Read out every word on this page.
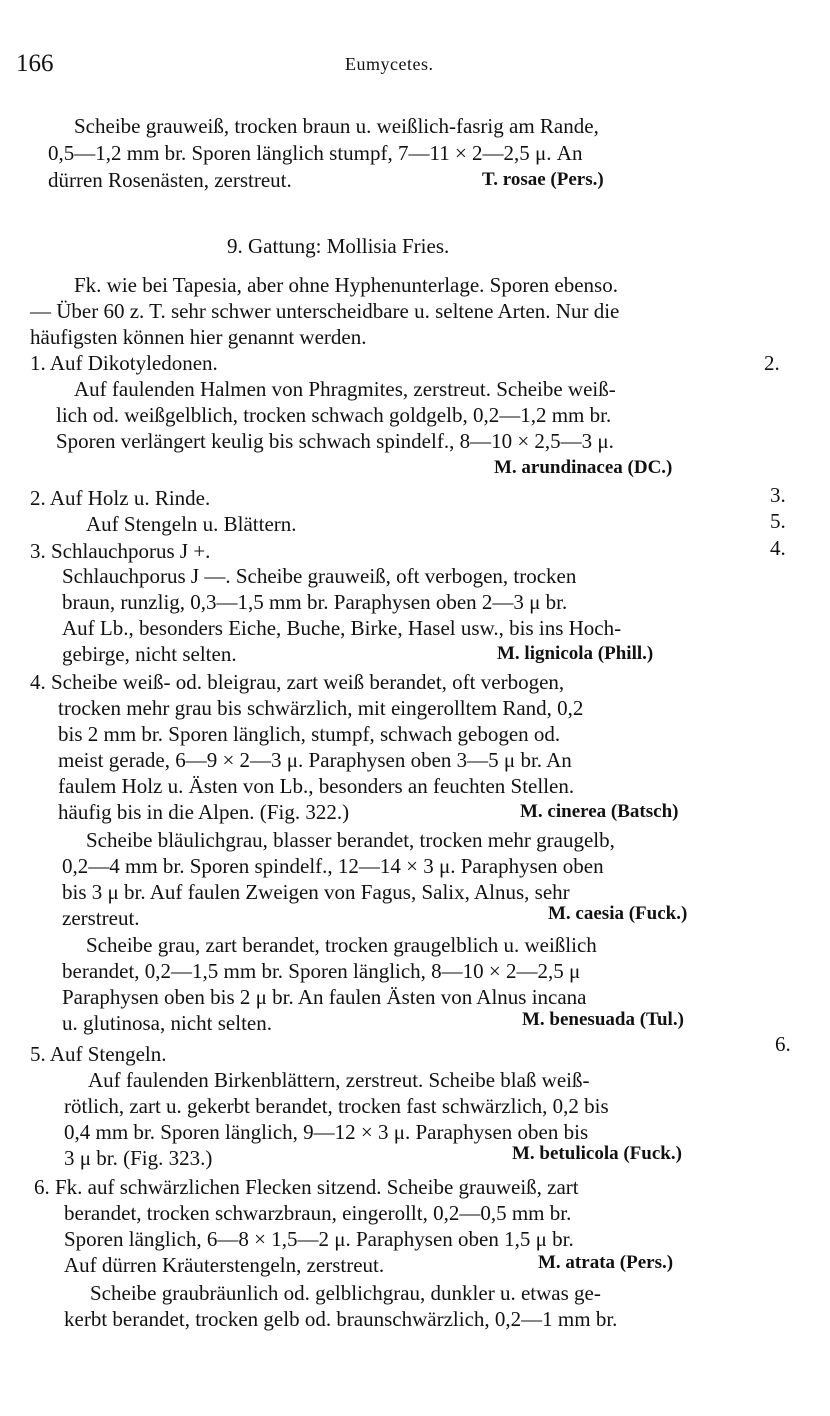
166	Eumycetes.
Scheibe grauweiß, trocken braun u. weißlich-fasrig am Rande,
0,5—1,2 mm br. Sporen länglich stumpf, 7—11 × 2—2,5 μ. An
dürren Rosenästen, zerstreut.	T. rosae (Pers.)
9. Gattung: Mollisia Fries.
Fk. wie bei Tapesia, aber ohne Hyphenunterlage. Sporen ebenso.
— Über 60 z. T. sehr schwer unterscheidbare u. seltene Arten. Nur die
häufigsten können hier genannt werden.
1. Auf Dikotyledonen.	2.
Auf faulenden Halmen von Phragmites, zerstreut. Scheibe weiß-
lich od. weißgelblich, trocken schwach goldgelb, 0,2—1,2 mm br.
Sporen verlängert keulig bis schwach spindelf., 8—10 × 2,5—3 μ.
M. arundinacea (DC.)
2. Auf Holz u. Rinde.	3.
Auf Stengeln u. Blättern.	5.
3. Schlauchporus J +.	4.
Schlauchporus J —. Scheibe grauweiß, oft verbogen, trocken
braun, runzlig, 0,3—1,5 mm br. Paraphysen oben 2—3 μ br.
Auf Lb., besonders Eiche, Buche, Birke, Hasel usw., bis ins Hoch-
gebirge, nicht selten.	M. lignicola (Phill.)
4. Scheibe weiß- od. bleigrau, zart weiß berandet, oft verbogen,
trocken mehr grau bis schwärzlich, mit eingerolltem Rand, 0,2
bis 2 mm br. Sporen länglich, stumpf, schwach gebogen od.
meist gerade, 6—9 × 2—3 μ. Paraphysen oben 3—5 μ br. An
faulem Holz u. Ästen von Lb., besonders an feuchten Stellen.
häufig bis in die Alpen. (Fig. 322.)	M. cinerea (Batsch)
Scheibe bläulichgrau, blasser berandet, trocken mehr graugelb,
0,2—4 mm br. Sporen spindelf., 12—14 × 3 μ. Paraphysen oben
bis 3 μ br. Auf faulen Zweigen von Fagus, Salix, Alnus, sehr
zerstreut.	M. caesia (Fuck.)
Scheibe grau, zart berandet, trocken graugelblich u. weißlich
berandet, 0,2—1,5 mm br. Sporen länglich, 8—10 × 2—2,5 μ
Paraphysen oben bis 2 μ br. An faulen Ästen von Alnus incana
u. glutinosa, nicht selten.	M. benesuada (Tul.)
5. Auf Stengeln.	6.
Auf faulenden Birkenblättern, zerstreut. Scheibe blaß weiß-
rötlich, zart u. gekerbt berandet, trocken fast schwärzlich, 0,2 bis
0,4 mm br. Sporen länglich, 9—12 × 3 μ. Paraphysen oben bis
3 μ br. (Fig. 323.)	M. betulicola (Fuck.)
6. Fk. auf schwärzlichen Flecken sitzend. Scheibe grauweiß, zart
berandet, trocken schwarzbraun, eingerollt, 0,2—0,5 mm br.
Sporen länglich, 6—8 × 1,5—2 μ. Paraphysen oben 1,5 μ br.
Auf dürren Kräuterstengeln, zerstreut.	M. atrata (Pers.)
Scheibe graubräunlich od. gelblichgrau, dunkler u. etwas ge-
kerbt berandet, trocken gelb od. braunschwärzlich, 0,2—1 mm br.
